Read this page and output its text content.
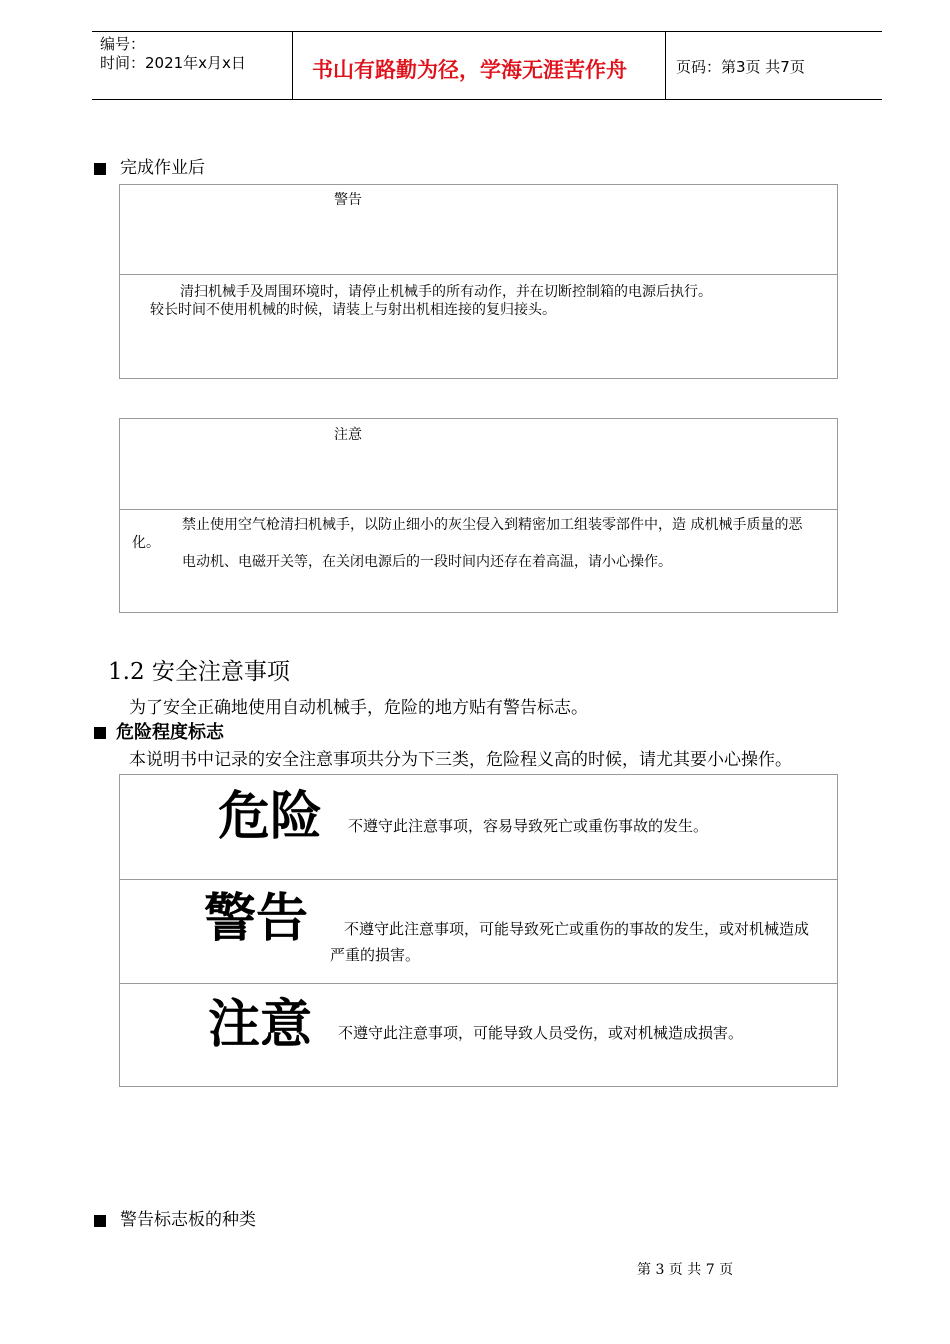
编号：
时间：2021年x月x日	书山有路勤为径，学海无涯苦作舟	页码：第3页 共7页
完成作业后
警告
清扫机械手及周围环境时，请停止机械手的所有动作，并在切断控制箱的电源后执行。
较长时间不使用机械的时候，请装上与射出机相连接的复归接头。
注意
禁止使用空气枪清扫机械手，以防止细小的灰尘侵入到精密加工组装零部件中，造 成机械手质量的恶化。
电动机、电磁开关等，在关闭电源后的一段时间内还存在着高温，请小心操作。
1.2 安全注意事项
为了安全正确地使用自动机械手，危险的地方贴有警告标志。
危险程度标志
本说明书中记录的安全注意事项共分为下三类，危险程义高的时候，请尤其要小心操作。
危险 不遵守此注意事项，容易导致死亡或重伤事故的发生。
警告	不遵守此注意事项，可能导致死亡或重伤的事故的发生，或对机械造成严重的损害。
注意 不遵守此注意事项，可能导致人员受伤，或对机械造成损害。
警告标志板的种类
第 3 页 共 7 页
